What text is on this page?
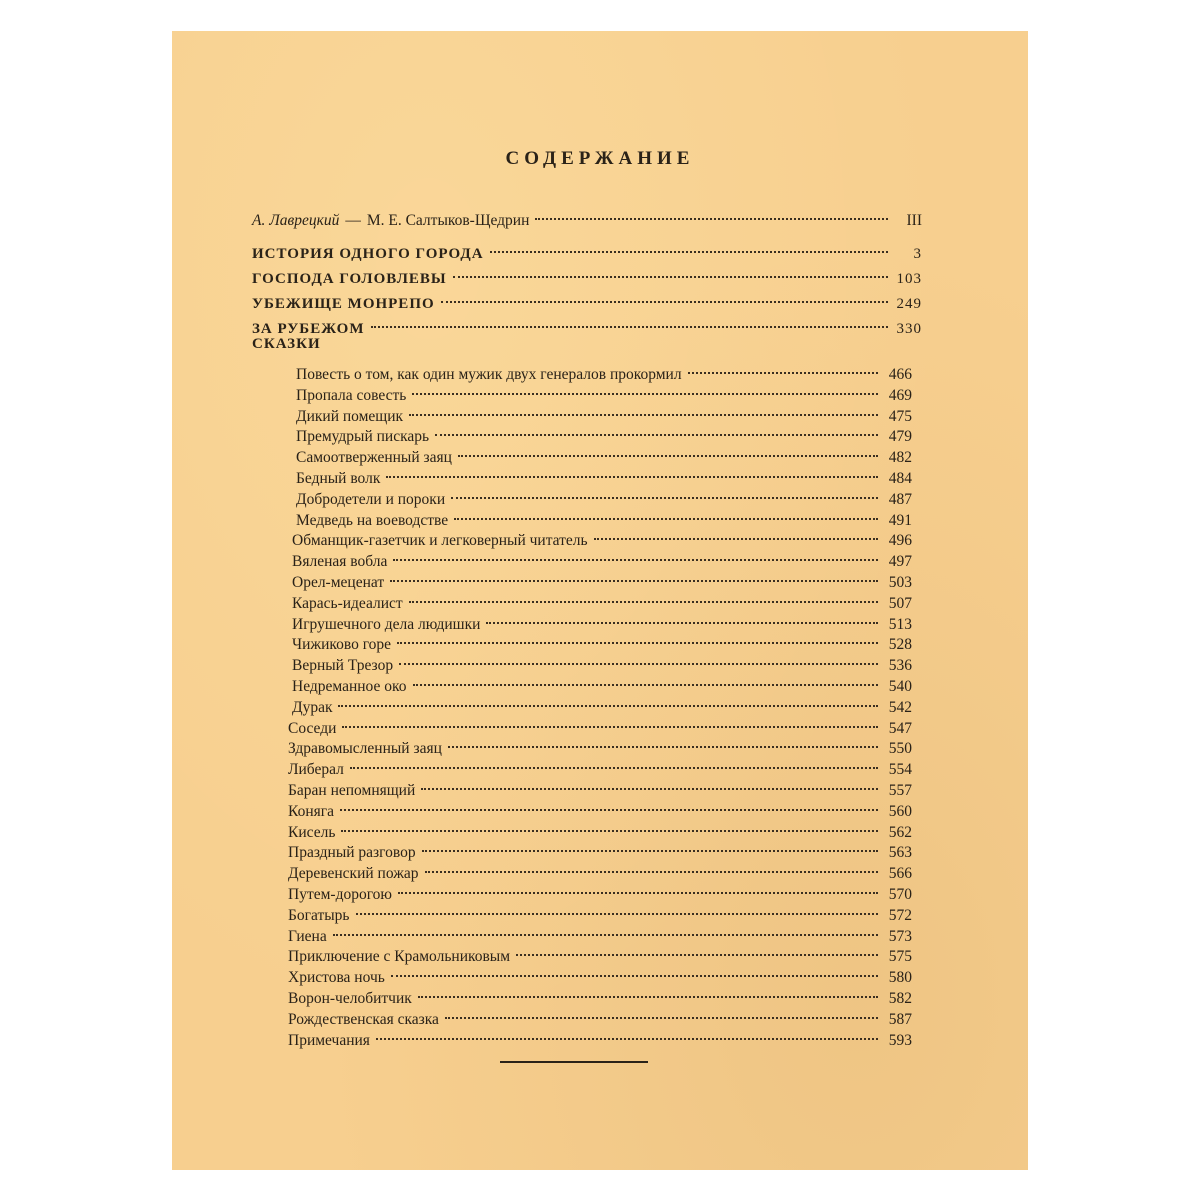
СОДЕРЖАНИЕ
А. Лаврецкий — М. Е. Салтыков-Щедрин	III
ИСТОРИЯ ОДНОГО ГОРОДА	3
ГОСПОДА ГОЛОВЛЕВЫ	103
УБЕЖИЩЕ МОНРЕПО	249
ЗА РУБЕЖОМ	330
СКАЗКИ
Повесть о том, как один мужик двух генералов прокормил	466
Пропала совесть	469
Дикий помещик	475
Премудрый пискарь	479
Самоотверженный заяц	482
Бедный волк	484
Добродетели и пороки	487
Медведь на воеводстве	491
Обманщик-газетчик и легковерный читатель	496
Вяленая вобла	497
Орел-меценат	503
Карась-идеалист	507
Игрушечного дела людишки	513
Чижиково горе	528
Верный Трезор	536
Недреманное око	540
Дурак	542
Соседи	547
Здравомысленный заяц	550
Либерал	554
Баран непомнящий	557
Коняга	560
Кисель	562
Праздный разговор	563
Деревенский пожар	566
Путем-дорогою	570
Богатырь	572
Гиена	573
Приключение с Крамольниковым	575
Христова ночь	580
Ворон-челобитчик	582
Рождественская сказка	587
Примечания	593
